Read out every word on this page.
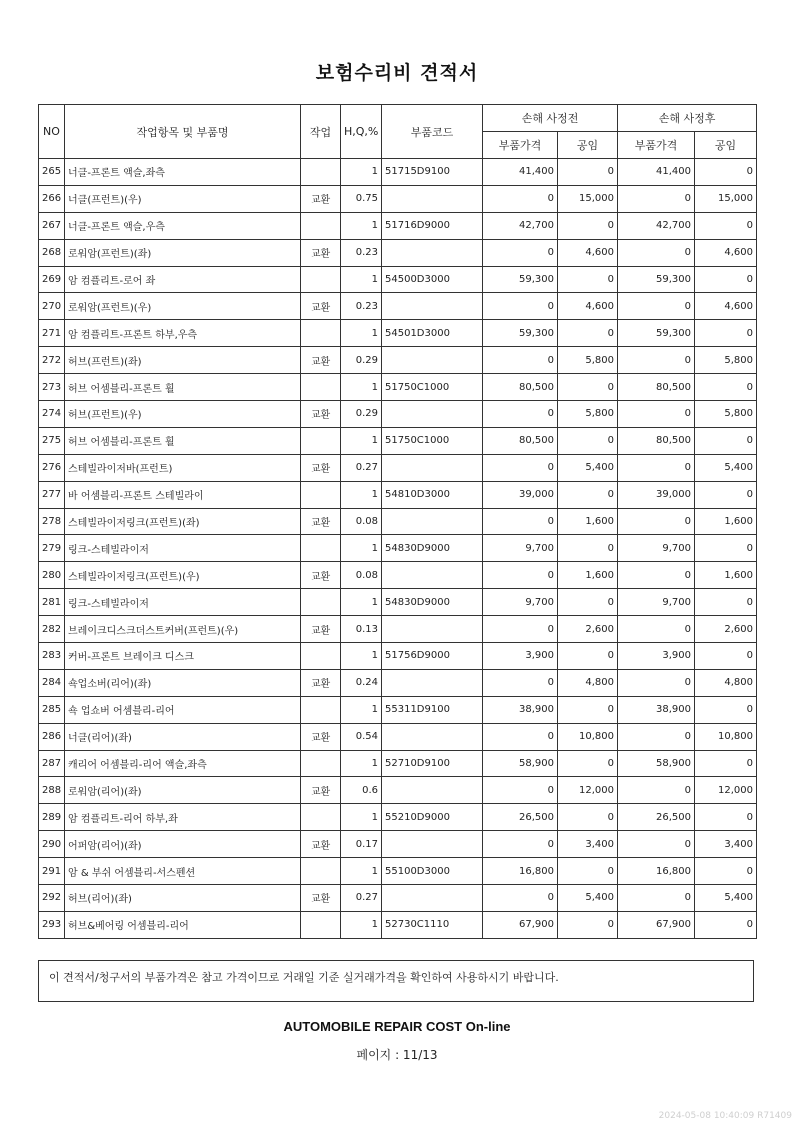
보험수리비 견적서
NO	작업항목 및 부품명	작업	H,Q,%	부품코드	손해 사정전		손해 사정후	
					부품가격	공임	부품가격	공임
265	너클-프론트 액슬,좌측		1	51715D9100	41,400	0	41,400	0
266	너클(프런트)(우)	교환	0.75		0	15,000	0	15,000
267	너클-프론트 액슬,우측		1	51716D9000	42,700	0	42,700	0
268	로워암(프런트)(좌)	교환	0.23		0	4,600	0	4,600
269	암 컴플리트-로어 좌		1	54500D3000	59,300	0	59,300	0
270	로워암(프런트)(우)	교환	0.23		0	4,600	0	4,600
271	암 컴플리트-프론트 하부,우측		1	54501D3000	59,300	0	59,300	0
272	허브(프런트)(좌)	교환	0.29		0	5,800	0	5,800
273	허브 어셈블리-프론트 휠		1	51750C1000	80,500	0	80,500	0
274	허브(프런트)(우)	교환	0.29		0	5,800	0	5,800
275	허브 어셈블리-프론트 휠		1	51750C1000	80,500	0	80,500	0
276	스테빌라이저바(프런트)	교환	0.27		0	5,400	0	5,400
277	바 어셈블리-프론트 스테빌라이		1	54810D3000	39,000	0	39,000	0
278	스테빌라이저링크(프런트)(좌)	교환	0.08		0	1,600	0	1,600
279	링크-스테빌라이저		1	54830D9000	9,700	0	9,700	0
280	스테빌라이저링크(프런트)(우)	교환	0.08		0	1,600	0	1,600
281	링크-스테빌라이저		1	54830D9000	9,700	0	9,700	0
282	브레이크디스크더스트커버(프런트)(우)	교환	0.13		0	2,600	0	2,600
283	커버-프론트 브레이크 디스크		1	51756D9000	3,900	0	3,900	0
284	쇽업소버(리어)(좌)	교환	0.24		0	4,800	0	4,800
285	쇽 업쇼버 어셈블리-리어		1	55311D9100	38,900	0	38,900	0
286	너클(리어)(좌)	교환	0.54		0	10,800	0	10,800
287	캐리어 어셈블리-리어 액슬,좌측		1	52710D9100	58,900	0	58,900	0
288	로워암(리어)(좌)	교환	0.6		0	12,000	0	12,000
289	암 컴플리트-리어 하부,좌		1	55210D9000	26,500	0	26,500	0
290	어퍼암(리어)(좌)	교환	0.17		0	3,400	0	3,400
291	암 & 부쉬 어셈블리-서스펜션		1	55100D3000	16,800	0	16,800	0
292	허브(리어)(좌)	교환	0.27		0	5,400	0	5,400
293	허브&베어링 어셈블리-리어		1	52730C1110	67,900	0	67,900	0
이 견적서/청구서의 부품가격은 참고 가격이므로 거래일 기준 실거래가격을 확인하여 사용하시기 바랍니다.
AUTOMOBILE REPAIR COST On-line
페이지 : 11/13
2024-05-08 10:40:09 R71409
